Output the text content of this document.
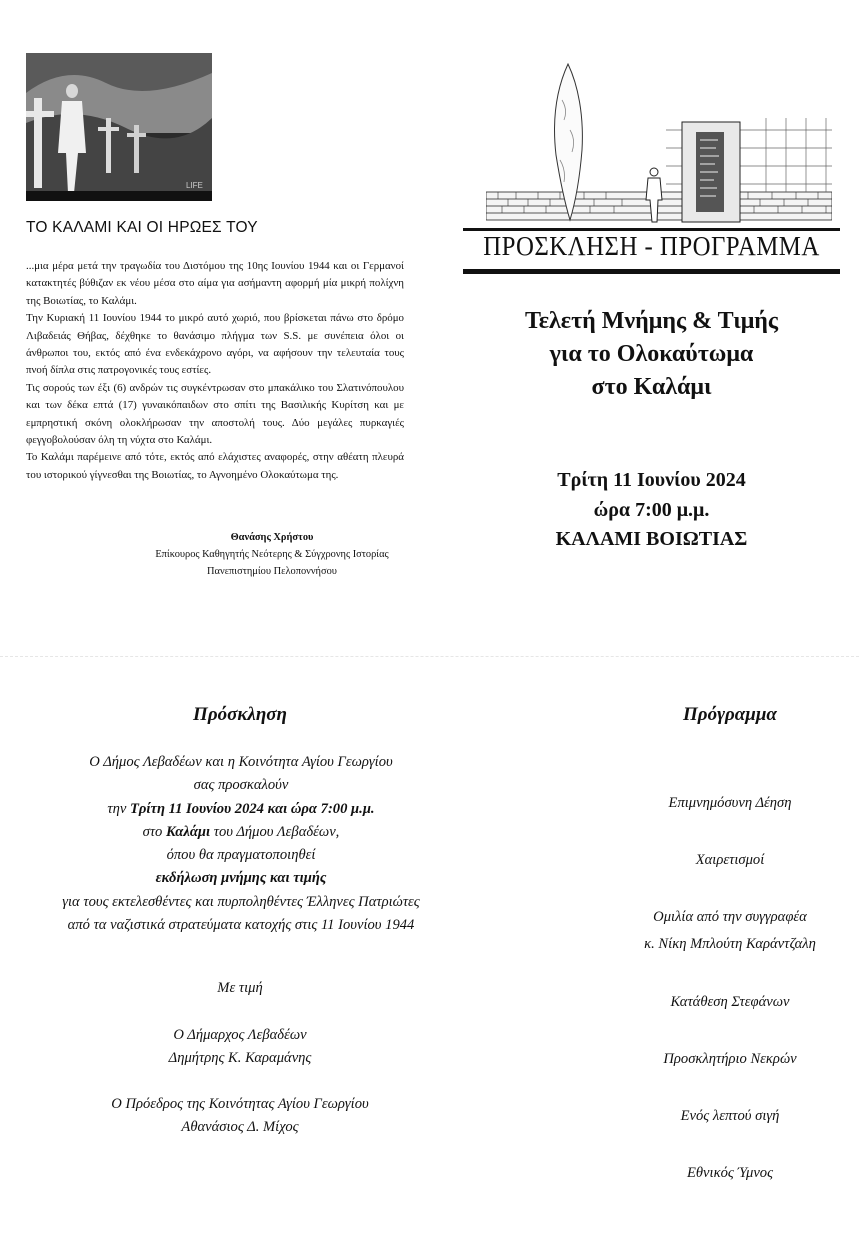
LIFE
ΤΟ ΚΑΛΑΜΙ ΚΑΙ ΟΙ ΗΡΩΕΣ ΤΟΥ

...μια μέρα μετά την τραγωδία του Διστόμου της 10ης Ιουνίου 1944 και οι Γερμανοί κατακτητές βύθιζαν εκ νέου μέσα στο αίμα για ασήμαντη αφορμή μία μικρή πολίχνη της Βοιωτίας, το Καλάμι.

Την Κυριακή 11 Ιουνίου 1944 το μικρό αυτό χωριό, που βρίσκεται πάνω στο δρόμο Λιβαδειάς Θήβας, δέχθηκε το θανάσιμο πλήγμα των S.S. με συνέπεια όλοι οι άνθρωποι του, εκτός από ένα ενδεκάχρονο αγόρι, να αφήσουν την τελευταία τους πνοή δίπλα στις πατρογονικές τους εστίες.

Τις σορούς των έξι (6) ανδρών τις συγκέντρωσαν στο μπακάλικο του Σλατινόπουλου και των δέκα επτά (17) γυναικόπαιδων στο σπίτι της Βασιλικής Κυρίτση και με εμπρηστική σκόνη ολοκλήρωσαν την αποστολή τους. Δύο μεγάλες πυρκαγιές φεγγοβολούσαν όλη τη νύχτα στο Καλάμι.

Το Καλάμι παρέμεινε από τότε, εκτός από ελάχιστες αναφορές, στην αθέατη πλευρά του ιστορικού γίγνεσθαι της Βοιωτίας, το Αγνοημένο Ολοκαύτωμα της.

Θανάσης Χρήστου
Επίκουρος Καθηγητής Νεότερης & Σύγχρονης Ιστορίας
Πανεπιστημίου Πελοποννήσου
ΠΡΟΣΚΛΗΣΗ - ΠΡΟΓΡΑΜΜΑ
Τελετή Μνήμης & Τιμής
για το Ολοκαύτωμα
στο Καλάμι
Τρίτη 11 Ιουνίου 2024
ώρα 7:00 μ.μ.
ΚΑΛΑΜΙ ΒΟΙΩΤΙΑΣ
Πρόσκληση
Ο Δήμος Λεβαδέων και η Κοινότητα Αγίου Γεωργίου
σας προσκαλούν
την Τρίτη 11 Ιουνίου 2024 και ώρα 7:00 μ.μ.
στο Καλάμι του Δήμου Λεβαδέων,
όπου θα πραγματοποιηθεί
εκδήλωση μνήμης και τιμής
για τους εκτελεσθέντες και πυρποληθέντες Έλληνες Πατριώτες
από τα ναζιστικά στρατεύματα κατοχής στις 11 Ιουνίου 1944
Με τιμή
Ο Δήμαρχος Λεβαδέων
Δημήτρης Κ. Καραμάνης
Ο Πρόεδρος της Κοινότητας Αγίου Γεωργίου
Αθανάσιος Δ. Μίχος
Πρόγραμμα
Επιμνημόσυνη Δέηση
Χαιρετισμοί
Ομιλία από την συγγραφέα
κ. Νίκη Μπλούτη Καράντζαλη
Κατάθεση Στεφάνων
Προσκλητήριο Νεκρών
Ενός λεπτού σιγή
Εθνικός Ύμνος
